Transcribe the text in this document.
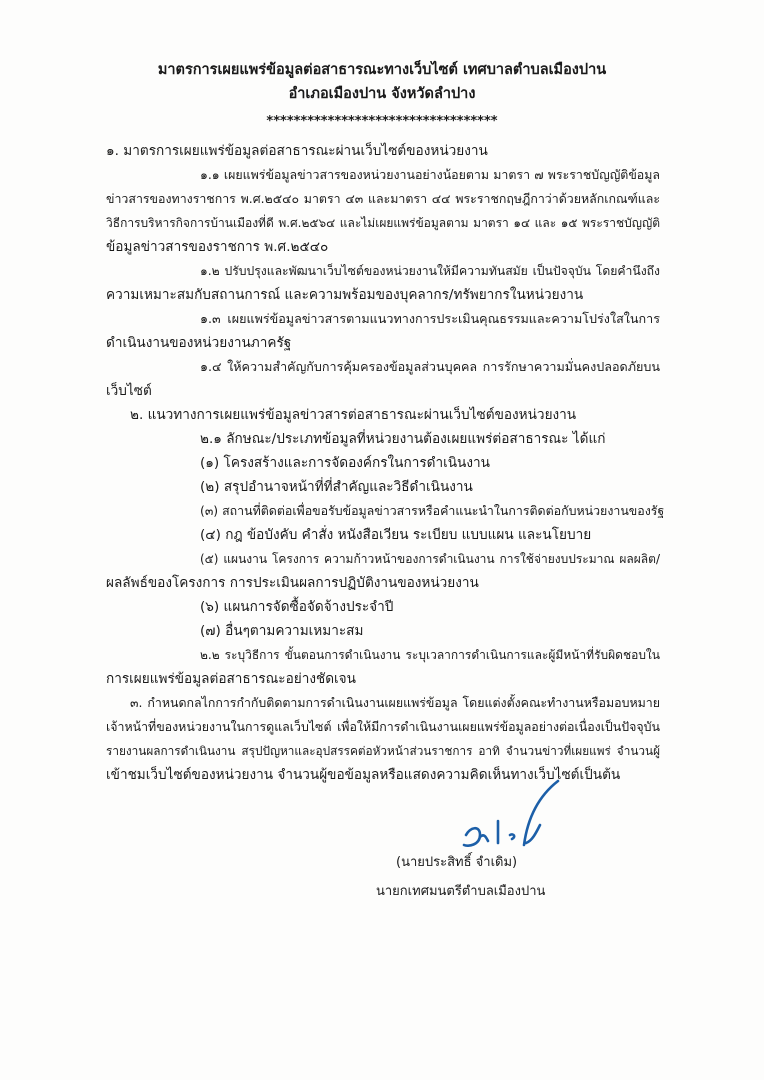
มาตรการเผยแพร่ข้อมูลต่อสาธารณะทางเว็บไซต์ เทศบาลตำบลเมืองปาน
อำเภอเมืองปาน จังหวัดลำปาง
**********************************
๑. มาตรการเผยแพร่ข้อมูลต่อสาธารณะผ่านเว็บไซต์ของหน่วยงาน
๑.๑ เผยแพร่ข้อมูลข่าวสารของหน่วยงานอย่างน้อยตาม มาตรา ๗ พระราชบัญญัติข้อมูล
ข่าวสารของทางราชการ พ.ศ.๒๕๔๐ มาตรา ๔๓ และมาตรา ๔๔ พระราชกฤษฎีกาว่าด้วยหลักเกณฑ์และ
วิธีการบริหารกิจการบ้านเมืองที่ดี พ.ศ.๒๕๖๔ และไม่เผยแพร่ข้อมูลตาม มาตรา ๑๔ และ ๑๕ พระราชบัญญัติ
ข้อมูลข่าวสารของราชการ พ.ศ.๒๕๔๐
๑.๒ ปรับปรุงและพัฒนาเว็บไซต์ของหน่วยงานให้มีความทันสมัย เป็นปัจจุบัน โดยคำนึงถึง
ความเหมาะสมกับสถานการณ์ และความพร้อมของบุคลากร/ทรัพยากรในหน่วยงาน
๑.๓ เผยแพร่ข้อมูลข่าวสารตามแนวทางการประเมินคุณธรรมและความโปร่งใสในการ
ดำเนินงานของหน่วยงานภาครัฐ
๑.๔ ให้ความสำคัญกับการคุ้มครองข้อมูลส่วนบุคคล การรักษาความมั่นคงปลอดภัยบน
เว็บไซต์
๒. แนวทางการเผยแพร่ข้อมูลข่าวสารต่อสาธารณะผ่านเว็บไซต์ของหน่วยงาน
๒.๑ ลักษณะ/ประเภทข้อมูลที่หน่วยงานต้องเผยแพร่ต่อสาธารณะ ได้แก่
(๑) โครงสร้างและการจัดองค์กรในการดำเนินงาน
(๒) สรุปอำนาจหน้าที่ที่สำคัญและวิธีดำเนินงาน
(๓) สถานที่ติดต่อเพื่อขอรับข้อมูลข่าวสารหรือคำแนะนำในการติดต่อกับหน่วยงานของรัฐ
(๔) กฎ ข้อบังคับ คำสั่ง หนังสือเวียน ระเบียบ แบบแผน และนโยบาย
(๕) แผนงาน โครงการ ความก้าวหน้าของการดำเนินงาน การใช้จ่ายงบประมาณ ผลผลิต/
ผลลัพธ์ของโครงการ การประเมินผลการปฏิบัติงานของหน่วยงาน
(๖) แผนการจัดซื้อจัดจ้างประจำปี
(๗) อื่นๆตามความเหมาะสม
๒.๒ ระบุวิธีการ ขั้นตอนการดำเนินงาน ระบุเวลาการดำเนินการและผู้มีหน้าที่รับผิดชอบใน
การเผยแพร่ข้อมูลต่อสาธารณะอย่างชัดเจน
๓. กำหนดกลไกการกำกับติดตามการดำเนินงานเผยแพร่ข้อมูล โดยแต่งตั้งคณะทำงานหรือมอบหมาย
เจ้าหน้าที่ของหน่วยงานในการดูแลเว็บไซต์ เพื่อให้มีการดำเนินงานเผยแพร่ข้อมูลอย่างต่อเนื่องเป็นปัจจุบัน
รายงานผลการดำเนินงาน สรุปปัญหาและอุปสรรคต่อหัวหน้าส่วนราชการ อาทิ จำนวนข่าวที่เผยแพร่ จำนวนผู้
เข้าชมเว็บไซต์ของหน่วยงาน จำนวนผู้ขอข้อมูลหรือแสดงความคิดเห็นทางเว็บไซต์เป็นต้น
(นายประสิทธิ์ จำเดิม)
นายกเทศมนตรีตำบลเมืองปาน
